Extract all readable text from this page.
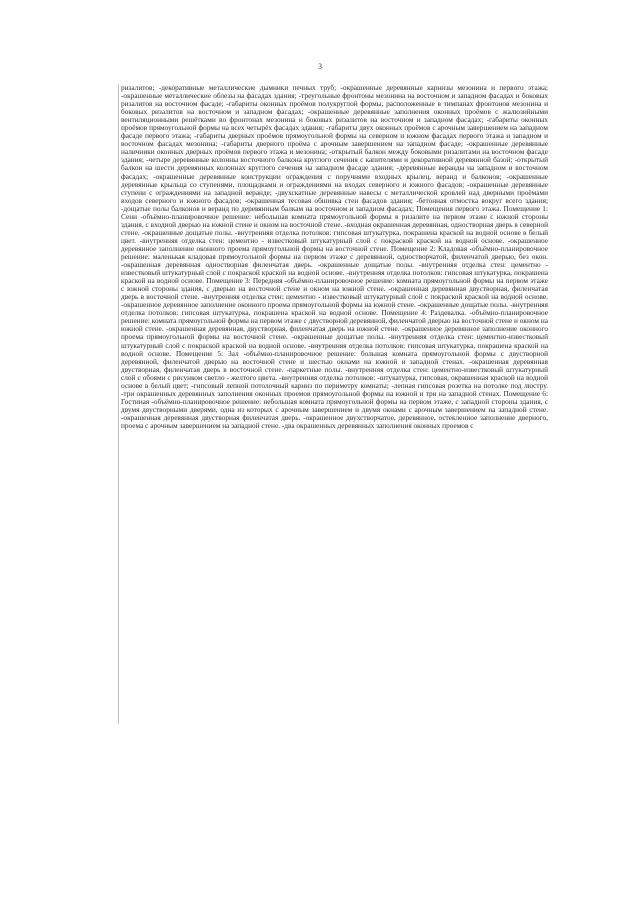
3
ризалитов; -декоративные металлические дымники печных труб; -окрашенные деревянные карнизы мезонина и первого этажа; -окрашенные металлические облезы на фасадах здания; -треугольные фронтоны мезонина на восточном и западном фасадах и боковых ризалитов на восточном фасаде; -габариты оконных проёмов полукруглой формы, расположенные в тимпанах фронтонов мезонина и боковых ризалитов на восточном и западном фасадах; -окрашенные деревянные заполнения оконных проёмов с жалюзийными вентиляционными решётками во фронтонах мезонина и боковых ризалитов на восточном и западном фасадах; -габариты оконных проёмов прямоугольной формы на всех четырёх фасадах здания; -габариты двух оконных проёмов с арочным завершением на западном фасаде первого этажа; -габариты дверных проёмов прямоугольной формы на северном и южном фасадах первого этажа и западном и восточном фасадах мезонина; -габариты дверного проёма с арочным завершением на западном фасаде; -окрашенные деревянные наличники оконных дверных проёмов первого этажа и мезонина; -открытый балкон между боковыми ризалитами на восточном фасаде здания; -четыре деревянные колонны восточного балкона круглого сечения с капителями и декоративной деревянной базой; -открытый балкон на шести деревянных колоннах круглого сечения на западном фасаде здания; -деревянные веранды на западном и восточном фасадах; -окрашенные деревянные конструкции ограждения с поручнями входных крылец, веранд и балконов; -окрашенные деревянные крыльца со ступенями, площадками и ограждениями на входах северного и южного фасадов; -окрашенные деревянные ступени с ограждениями на западной веранде; -двухскатные деревянные навесы с металлической кровлей над дверными проёмами входов северного и южного фасадов; -окрашенная тесовая обшивка стен фасадов здания; -бетонная отмостка вокруг всего здания; -дощатые полы балконов и веранд по деревянным балкам на восточном и западном фасадах; Помещения первого этажа. Помещение 1: Сени -объёмно-планировочное решение: небольшая комната прямоугольной формы в ризалите на первом этаже с южной стороны здания, с входной дверью на южной стене и окном на восточной стене. -входная окрашенная деревянная, одностворная дверь в северной стене. -окрашенные дощатые полы. -внутренняя отделка потолков: гипсовая штукатурка, покрашена краской на водной основе в белый цвет. -внутренняя отделка стен: цементно - известковый штукатурный слой с покраской краской на водной основе. -окрашенное деревянное заполнение оконного проема прямоугольной формы на восточной стене. Помещение 2: Кладовая -объёмно-планировочное решение: маленькая кладовая прямоугольной формы на первом этаже с деревянной, одностворчатой, филенчатой дверью, без окон. -окрашенная деревянная одностворная филенчатая дверь. -окрашенные дощатые полы. -внутренняя отделка стен: цементно - известковый штукатурный слой с покраской краской на водной основе. -внутренняя отделка потолков: гипсовая штукатурка, покрашена краской на водной основе. Помещение 3: Передняя -объёмно-планировочное решение: комната прямоугольной формы на первом этаже с южной стороны здания, с дверью на восточной стене и окном на южной стене. -окрашенная деревянная двустворная, филенчатая дверь в восточной стене. -внутренняя отделка стен: цементно - известковый штукатурный слой с покраской краской на водной основе. -окрашенное деревянное заполнение оконного проема прямоугольной формы на южной стене. -окрашенные дощатые полы. -внутренняя отделка потолков: гипсовая штукатурка, покрашена краской на водной основе. Помещение 4: Раздевалка. -объёмно-планировочное решение: комната прямоугольной формы на первом этаже с двустворной деревянной, филенчатой дверью на восточной стене и окном на южной стене. -окрашенная деревянная, двустворная, филенчатая дверь на южной стене. -окрашенное деревянное заполнение оконного проема прямоугольной формы на восточной стене. -окрашенные дощатые полы. -внутренняя отделка стен: цементно-известковый штукатурный слой с покраской краской на водной основе. -внутренняя отделка потолков: гипсовая штукатурка, покрашена краской на водной основе. Помещение 5: Зал -объёмно-планировочное решение: большая комната прямоугольной формы с двустворной деревянной, филенчатой дверью на восточной стене и шестью окнами на южной и западной стенах. -окрашенная деревянная двустворная, филенчатая дверь в восточной стене. -паркетные полы. -внутренняя отделка стен: цементно-известковый штукатурный слой с обоями с рисунком светло - желтого цвета. -внутренняя отделка потолков: -штукатурка, гипсовая, окрашенная краской на водной основе в белый цвет; -гипсовый лепной потолочный карниз по периметру комнаты; -лепная гипсовая розетка на потолке под люстру. -три окрашенных деревянных заполнения оконных проемов прямоугольной формы на южной и три на западной стенах. Помещение 6: Гостиная -объёмно-планировочное решение: небольшая комната прямоугольной формы на первом этаже, с западной стороны здания, с двумя двустворными дверями, одна из которых с арочным завершением и двумя окнами с арочным завершением на западной стене. -окрашенная деревянная двустворная филенчатая дверь. -окрашенное двухстворчатое, деревянное, остекленное заполнение дверного, проема с арочным завершением на западной стене. -два окрашенных деревянных заполнения оконных проемов с
